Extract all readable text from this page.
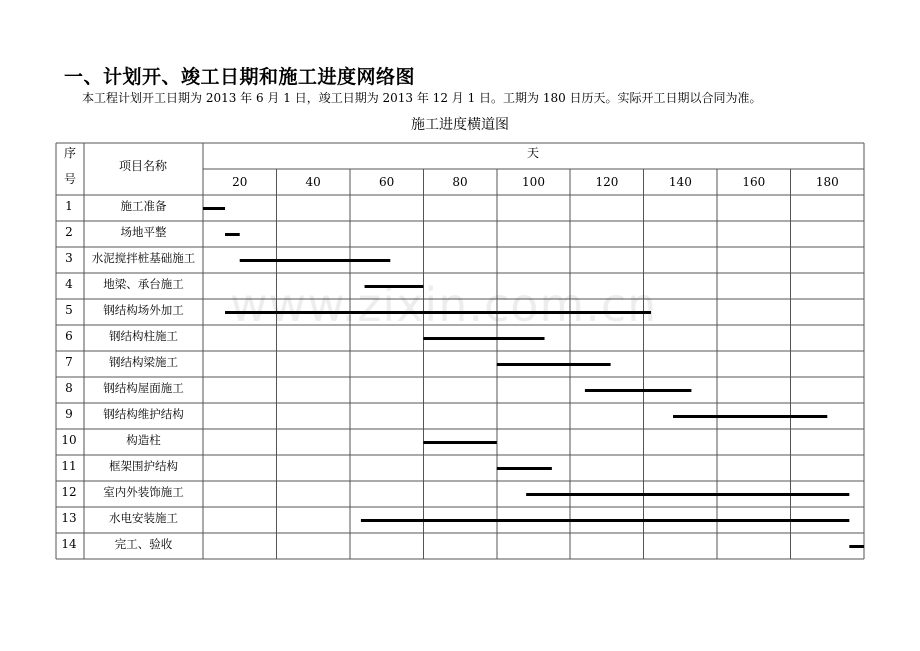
一、计划开、竣工日期和施工进度网络图
本工程计划开工日期为 2013 年 6 月 1 日，竣工日期为 2013 年 12 月 1 日。工期为 180 日历天。实际开工日期以合同为准。
施工进度横道图
序
号
项目名称
天
20	40	60	80	100	120	140	160	180
1	施工准备
2	场地平整
3 水泥搅拌桩基础施工
4	地梁、承台施工
5	钢结构场外加工
6	钢结构柱施工
7	钢结构梁施工
8	钢结构屋面施工
9	钢结构维护结构
10	构造柱
11	框架围护结构
12 室内外装饰施工
13	水电安装施工
14	完工、验收
www.zixin.com.cn
